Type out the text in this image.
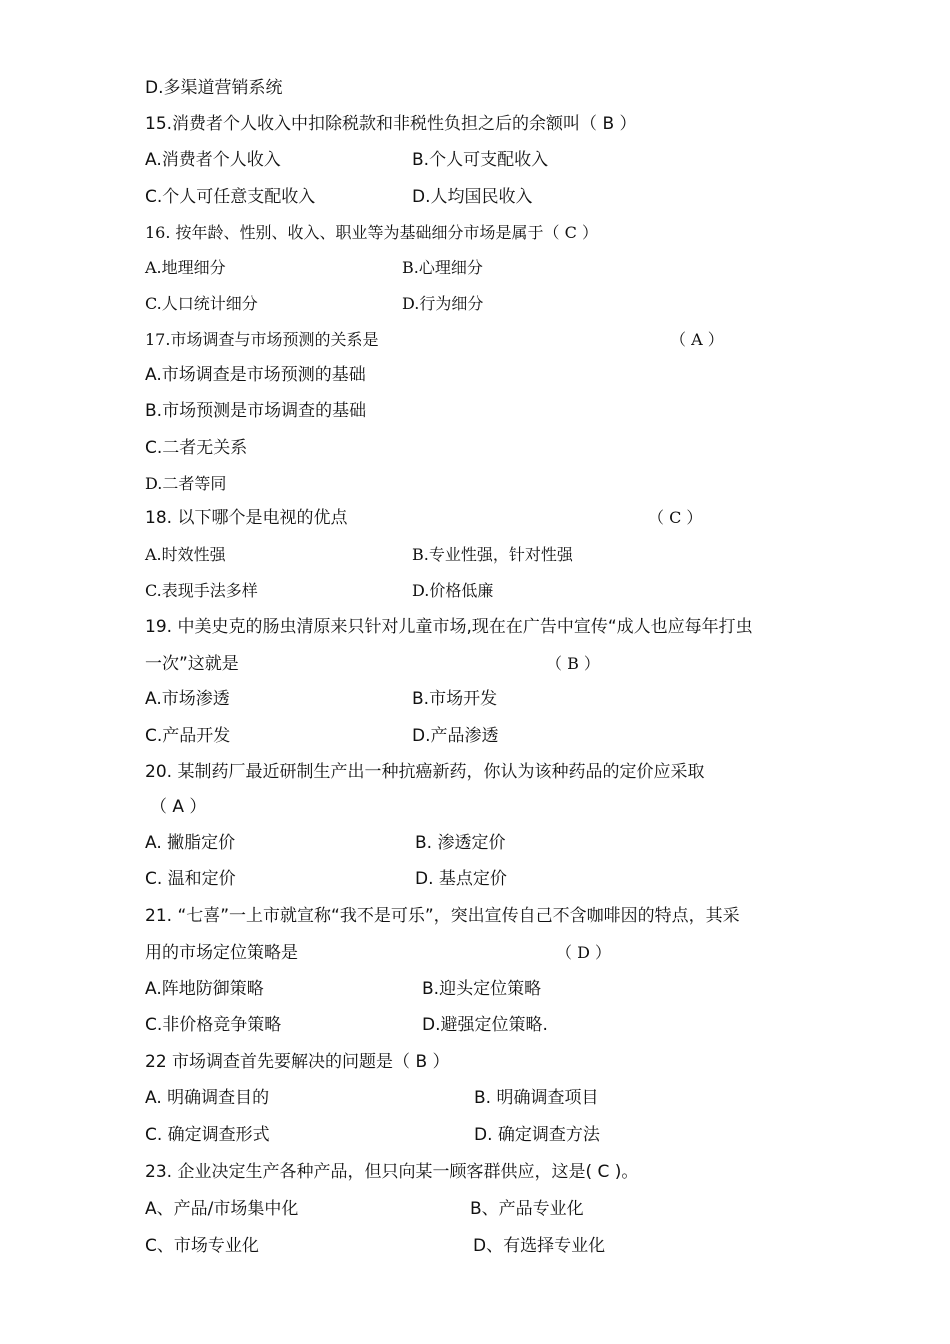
D.多渠道营销系统
15.消费者个人收入中扣除税款和非税性负担之后的余额叫（ B ）
A.消费者个人收入	B.个人可支配收入
C.个人可任意支配收入	D.人均国民收入
16. 按年龄、性别、收入、职业等为基础细分市场是属于（ C ）
A.地理细分	B.心理细分
C.人口统计细分	D.行为细分
17.市场调查与市场预测的关系是	（ A ）
A.市场调查是市场预测的基础
B.市场预测是市场调查的基础
C.二者无关系
D.二者等同
18. 以下哪个是电视的优点	（ C ）
A.时效性强	B.专业性强，针对性强
C.表现手法多样	D.价格低廉
19. 中美史克的肠虫清原来只针对儿童市场,现在在广告中宣传“成人也应每年打虫
一次”这就是	（ B ）
A.市场渗透	B.市场开发
C.产品开发	D.产品渗透
20. 某制药厂最近研制生产出一种抗癌新药，你认为该种药品的定价应采取
（ A ）
A. 撇脂定价	B. 渗透定价
C. 温和定价	D. 基点定价
21. “七喜”一上市就宣称“我不是可乐”，突出宣传自己不含咖啡因的特点，其采
用的市场定位策略是	（ D ）
A.阵地防御策略	B.迎头定位策略
C.非价格竞争策略	D.避强定位策略.
22 市场调查首先要解决的问题是（ B ）
A. 明确调查目的	B. 明确调查项目
C. 确定调查形式	D. 确定调查方法
23. 企业决定生产各种产品，但只向某一顾客群供应，这是( C )。
A、产品/市场集中化	B、产品专业化
C、市场专业化	D、有选择专业化
